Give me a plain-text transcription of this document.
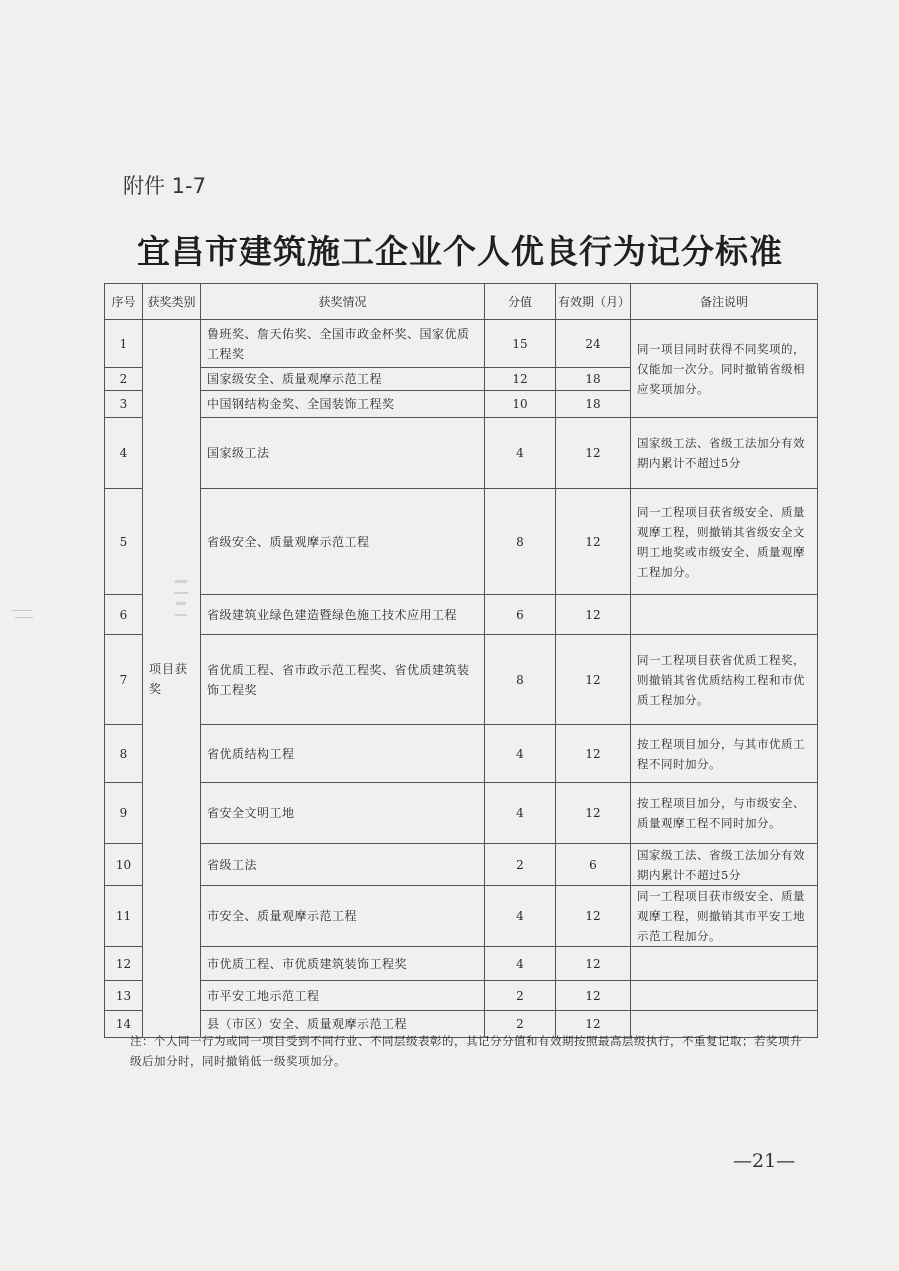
附件 1-7
宜昌市建筑施工企业个人优良行为记分标准
序号	获奖类别	获奖情况	分值	有效期（月）	备注说明
1	项目获奖	鲁班奖、詹天佑奖、全国市政金杯奖、国家优质工程奖	15	24	同一项目同时获得不同奖项的，仅能加一次分。同时撤销省级相应奖项加分。
2		国家级安全、质量观摩示范工程	12	18	
3		中国钢结构金奖、全国装饰工程奖	10	18	
4		国家级工法	4	12	国家级工法、省级工法加分有效期内累计不超过5分
5		省级安全、质量观摩示范工程	8	12	同一工程项目获省级安全、质量观摩工程，则撤销其省级安全文明工地奖或市级安全、质量观摩工程加分。
6		省级建筑业绿色建造暨绿色施工技术应用工程	6	12	
7		省优质工程、省市政示范工程奖、省优质建筑装饰工程奖	8	12	同一工程项目获省优质工程奖，则撤销其省优质结构工程和市优质工程加分。
8		省优质结构工程	4	12	按工程项目加分，与其市优质工程不同时加分。
9		省安全文明工地	4	12	按工程项目加分，与市级安全、质量观摩工程不同时加分。
10		省级工法	2	6	国家级工法、省级工法加分有效期内累计不超过5分
11		市安全、质量观摩示范工程	4	12	同一工程项目获市级安全、质量观摩工程，则撤销其市平安工地示范工程加分。
12		市优质工程、市优质建筑装饰工程奖	4	12	
13		市平安工地示范工程	2	12	
14		县（市区）安全、质量观摩示范工程	2	12	
注：个人同一行为或同一项目受到不同行业、不同层级表彰的，其记分分值和有效期按照最高层级执行，不重复记取；若奖项升级后加分时，同时撤销低一级奖项加分。
—21—
